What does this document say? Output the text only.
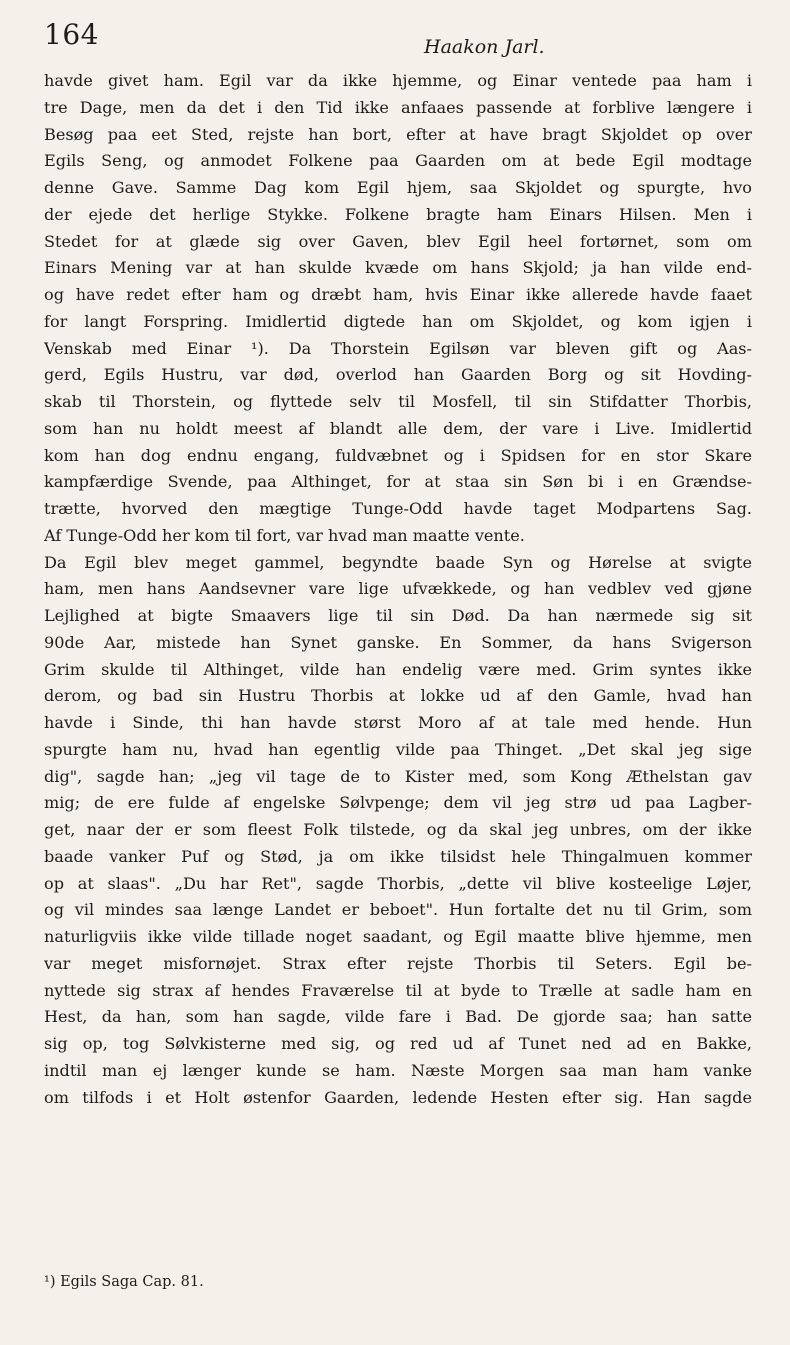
164	Haakon Jarl.
havde givet ham. Egil var da ikke hjemme, og Einar ventede paa ham i
tre Dage, men da det i den Tid ikke anfaaes passende at forblive længere i
Besøg paa eet Sted, rejste han bort, efter at have bragt Skjoldet op over
Egils Seng, og anmodet Folkene paa Gaarden om at bede Egil modtage
denne Gave. Samme Dag kom Egil hjem, saa Skjoldet og spurgte, hvo
der ejede det herlige Stykke. Folkene bragte ham Einars Hilsen. Men i
Stedet for at glæde sig over Gaven, blev Egil heel fortørnet, som om
Einars Mening var at han skulde kvæde om hans Skjold; ja han vilde end-
og have redet efter ham og dræbt ham, hvis Einar ikke allerede havde faaet
for langt Forspring. Imidlertid digtede han om Skjoldet, og kom igjen i
Venskab med Einar ¹). Da Thorstein Egilsøn var bleven gift og Aas-
gerd, Egils Hustru, var død, overlod han Gaarden Borg og sit Hovding-
skab til Thorstein, og flyttede selv til Mosfell, til sin Stifdatter Thorbis,
som han nu holdt meest af blandt alle dem, der vare i Live. Imidlertid
kom han dog endnu engang, fuldvæbnet og i Spidsen for en stor Skare
kampfærdige Svende, paa Althinget, for at staa sin Søn bi i en Grændse-
trætte, hvorved den mægtige Tunge-Odd havde taget Modpartens Sag.
Af Tunge-Odd her kom til fort, var hvad man maatte vente.
Da Egil blev meget gammel, begyndte baade Syn og Hørelse at svigte
ham, men hans Aandsevner vare lige ufvækkede, og han vedblev ved gjøne
Lejlighed at bigte Smaavers lige til sin Død. Da han nærmede sig sit
90de Aar, mistede han Synet ganske. En Sommer, da hans Svigerson
Grim skulde til Althinget, vilde han endelig være med. Grim syntes ikke
derom, og bad sin Hustru Thorbis at lokke ud af den Gamle, hvad han
havde i Sinde, thi han havde størst Moro af at tale med hende. Hun
spurgte ham nu, hvad han egentlig vilde paa Thinget. „Det skal jeg sige
dig", sagde han; „jeg vil tage de to Kister med, som Kong Æthelstan gav
mig; de ere fulde af engelske Sølvpenge; dem vil jeg strø ud paa Lagber-
get, naar der er som fleest Folk tilstede, og da skal jeg unbres, om der ikke
baade vanker Puf og Stød, ja om ikke tilsidst hele Thingalmuen kommer
op at slaas". „Du har Ret", sagde Thorbis, „dette vil blive kosteelige Løjer,
og vil mindes saa længe Landet er beboet". Hun fortalte det nu til Grim, som
naturligviis ikke vilde tillade noget saadant, og Egil maatte blive hjemme, men
var meget misfornøjet. Strax efter rejste Thorbis til Seters. Egil be-
nyttede sig strax af hendes Fraværelse til at byde to Trælle at sadle ham en
Hest, da han, som han sagde, vilde fare i Bad. De gjorde saa; han satte
sig op, tog Sølvkisterne med sig, og red ud af Tunet ned ad en Bakke,
indtil man ej længer kunde se ham. Næste Morgen saa man ham vanke
om tilfods i et Holt østenfor Gaarden, ledende Hesten efter sig. Han sagde
¹) Egils Saga Cap. 81.
